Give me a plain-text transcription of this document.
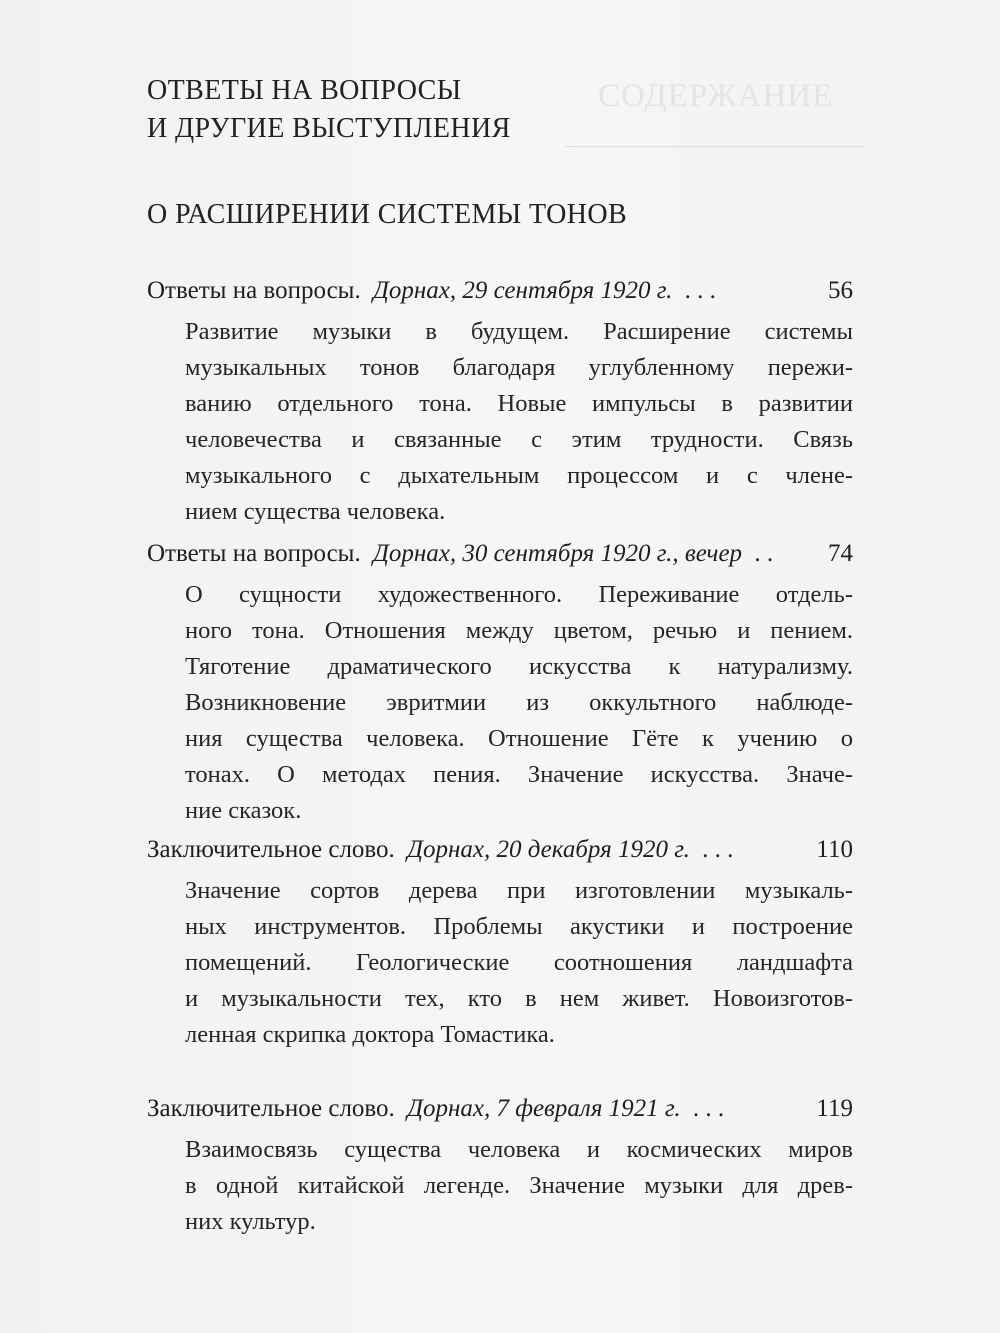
СОДЕРЖАНИЕ
ОТВЕТЫ НА ВОПРОСЫ
И ДРУГИЕ ВЫСТУПЛЕНИЯ
О РАСШИРЕНИИ СИСТЕМЫ ТОНОВ
Ответы на вопросы. Дорнах, 29 сентября 1920 г. . . .	56
Развитие музыки в будущем. Расширение системы
музыкальных тонов благодаря углубленному пережи-
ванию отдельного тона. Новые импульсы в развитии
человечества и связанные с этим трудности. Связь
музыкального с дыхательным процессом и с члене-
нием существа человека.
Ответы на вопросы. Дорнах, 30 сентября 1920 г., вечер . . 74
О сущности художественного. Переживание отдель-
ного тона. Отношения между цветом, речью и пением.
Тяготение драматического искусства к натурализму.
Возникновение эвритмии из оккультного наблюде-
ния существа человека. Отношение Гёте к учению о
тонах. О методах пения. Значение искусства. Значе-
ние сказок.
Заключительное слово. Дорнах, 20 декабря 1920 г. . . .	110
Значение сортов дерева при изготовлении музыкаль-
ных инструментов. Проблемы акустики и построение
помещений. Геологические соотношения ландшафта
и музыкальности тех, кто в нем живет. Новоизготов-
ленная скрипка доктора Томастика.
Заключительное слово. Дорнах, 7 февраля 1921 г. . . .	119
Взаимосвязь существа человека и космических миров
в одной китайской легенде. Значение музыки для древ-
них культур.
